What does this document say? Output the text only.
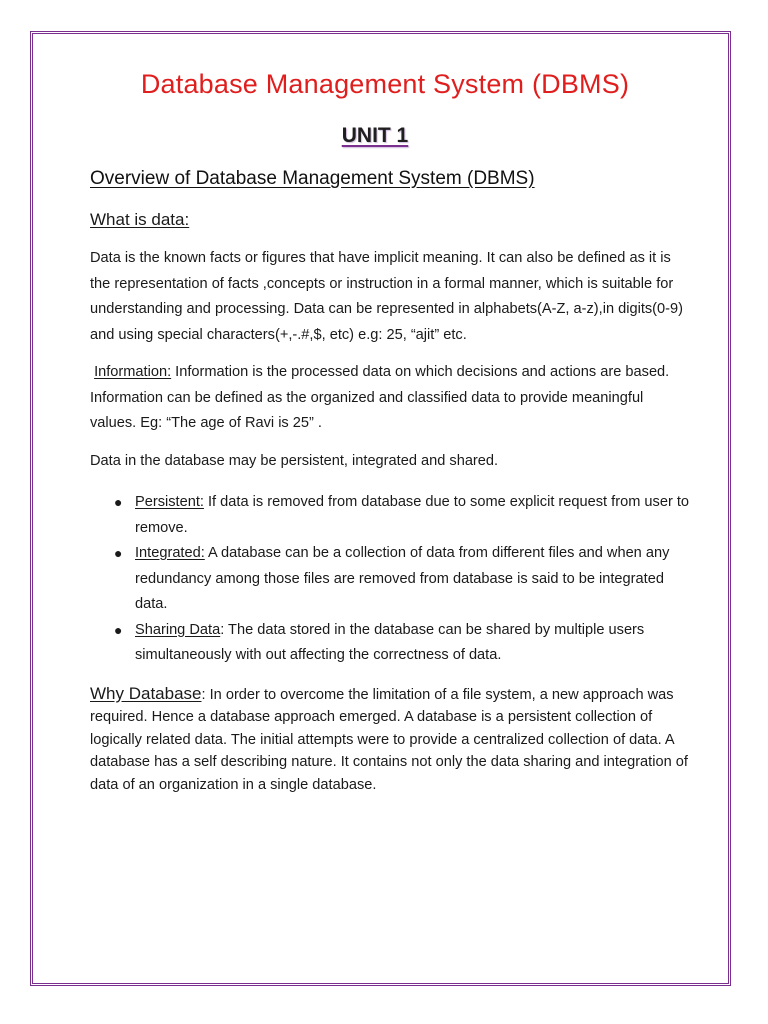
Database Management System (DBMS)
UNIT 1
Overview of Database Management System (DBMS)
What is data:

Data is the known facts or figures that have implicit meaning. It can also be defined as it is the representation of facts ,concepts or instruction in a formal manner, which is suitable for understanding and processing. Data can be represented in alphabets(A-Z, a-z),in digits(0-9) and using special characters(+,-.#,$, etc) e.g: 25, “ajit” etc.

Information: Information is the processed data on which decisions and actions are based. Information can be defined as the organized and classified data to provide meaningful values. Eg: “The age of Ravi is 25” .

Data in the database may be persistent, integrated and shared.

● Persistent: If data is removed from database due to some explicit request from user to remove.
● Integrated: A database can be a collection of data from different files and when any redundancy among those files are removed from database is said to be integrated data.
● Sharing Data: The data stored in the database can be shared by multiple users simultaneously with out affecting the correctness of data.

Why Database: In order to overcome the limitation of a file system, a new approach was required. Hence a database approach emerged. A database is a persistent collection of logically related data. The initial attempts were to provide a centralized collection of data. A database has a self describing nature. It contains not only the data sharing and integration of data of an organization in a single database.
